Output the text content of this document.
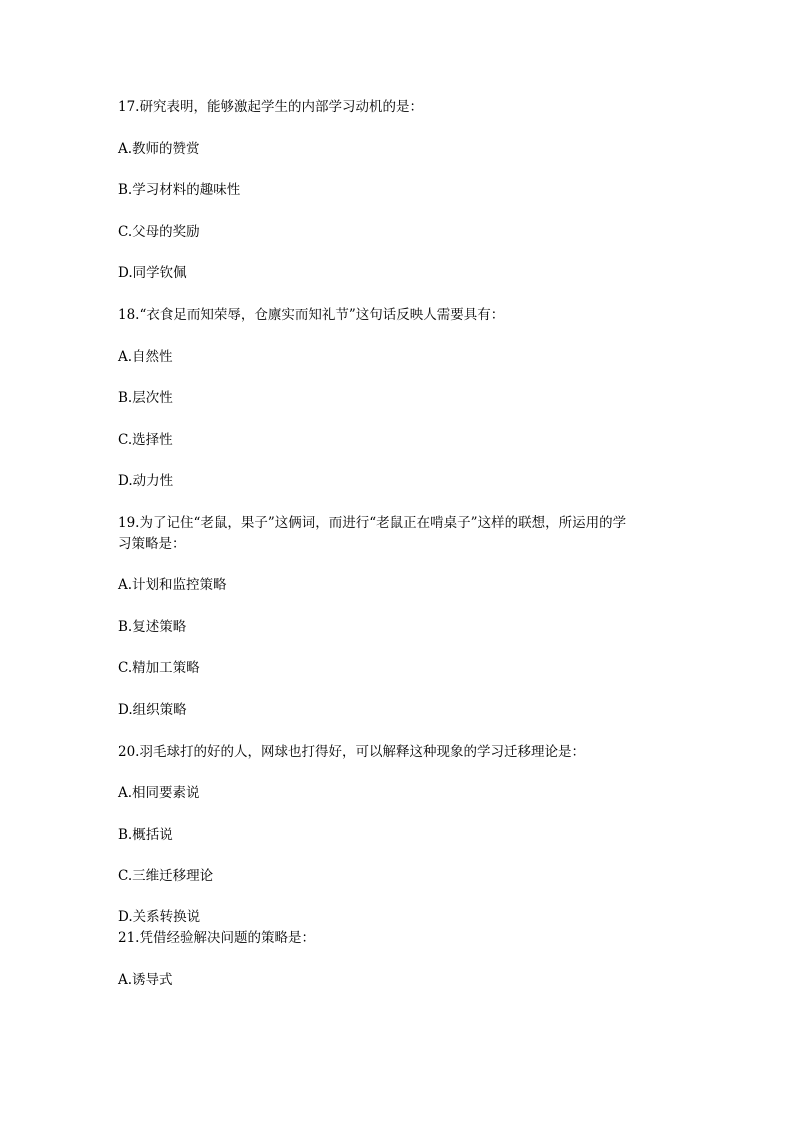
17.研究表明，能够激起学生的内部学习动机的是：
A.教师的赞赏
B.学习材料的趣味性
C.父母的奖励
D.同学钦佩
18.“衣食足而知荣辱，仓廪实而知礼节”这句话反映人需要具有：
A.自然性
B.层次性
C.选择性
D.动力性
19.为了记住“老鼠，果子”这俩词，而进行“老鼠正在啃桌子”这样的联想，所运用的学
习策略是：
A.计划和监控策略
B.复述策略
C.精加工策略
D.组织策略
20.羽毛球打的好的人，网球也打得好，可以解释这种现象的学习迁移理论是：
A.相同要素说
B.概括说
C.三维迁移理论
D.关系转换说
21.凭借经验解决问题的策略是：
A.诱导式
